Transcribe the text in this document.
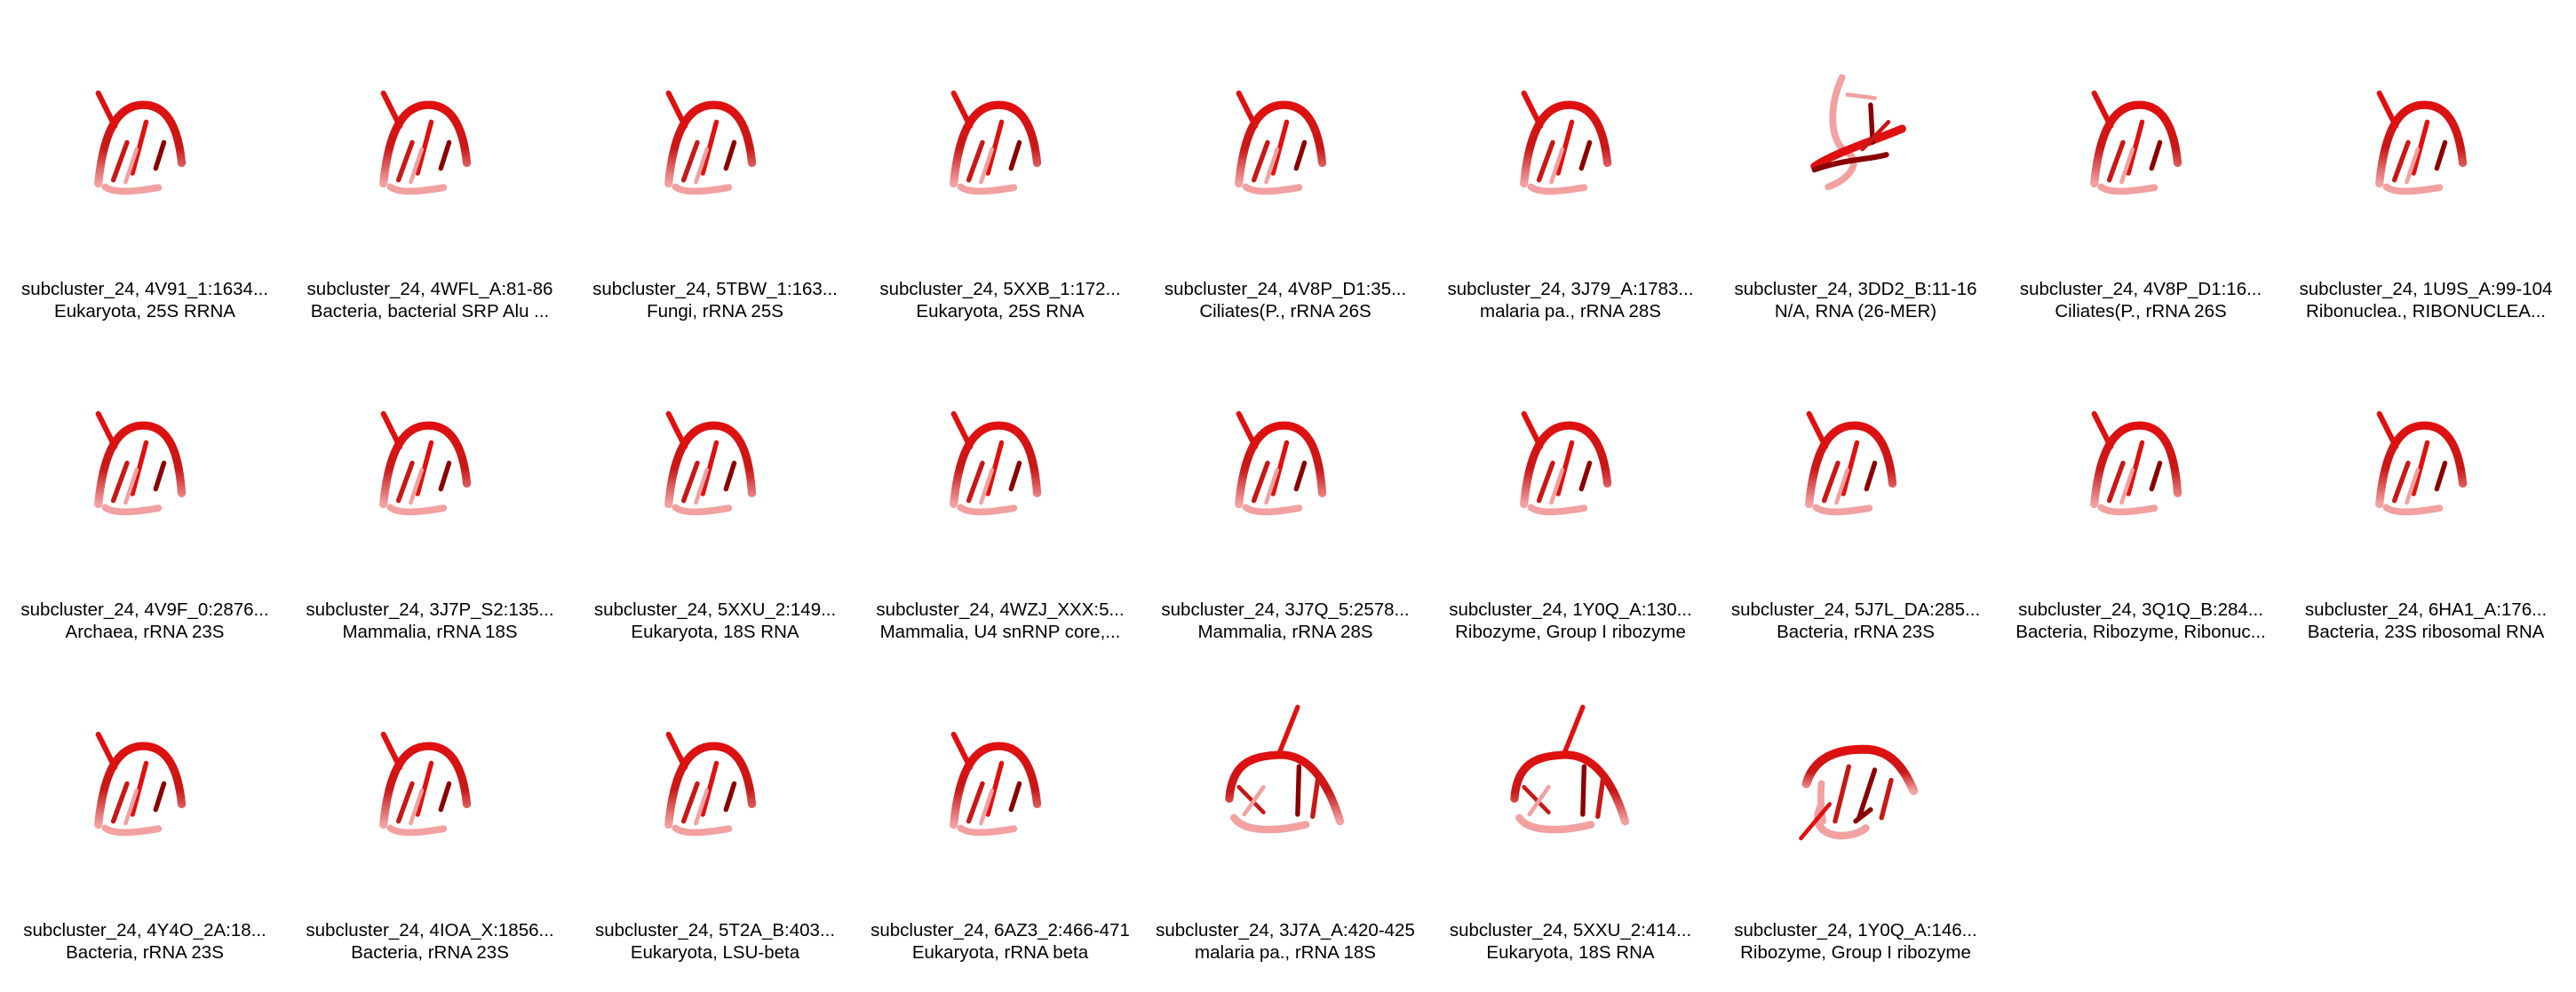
subcluster_24, 4V91_1:1634...
Eukaryota, 25S RRNA
subcluster_24, 4WFL_A:81-86
Bacteria, bacterial SRP Alu ...
subcluster_24, 5TBW_1:163...
Fungi, rRNA 25S
subcluster_24, 5XXB_1:172...
Eukaryota, 25S RNA
subcluster_24, 4V8P_D1:35...
Ciliates(P., rRNA 26S
subcluster_24, 3J79_A:1783...
malaria pa., rRNA 28S
subcluster_24, 3DD2_B:11-16
N/A, RNA (26-MER)
subcluster_24, 4V8P_D1:16...
Ciliates(P., rRNA 26S
subcluster_24, 1U9S_A:99-104
Ribonuclea., RIBONUCLEA...
subcluster_24, 4V9F_0:2876...
Archaea, rRNA 23S
subcluster_24, 3J7P_S2:135...
Mammalia, rRNA 18S
subcluster_24, 5XXU_2:149...
Eukaryota, 18S RNA
subcluster_24, 4WZJ_XXX:5...
Mammalia, U4 snRNP core,...
subcluster_24, 3J7Q_5:2578...
Mammalia, rRNA 28S
subcluster_24, 1Y0Q_A:130...
Ribozyme, Group I ribozyme
subcluster_24, 5J7L_DA:285...
Bacteria, rRNA 23S
subcluster_24, 3Q1Q_B:284...
Bacteria, Ribozyme, Ribonuc...
subcluster_24, 6HA1_A:176...
Bacteria, 23S ribosomal RNA
subcluster_24, 4Y4O_2A:18...
Bacteria, rRNA 23S
subcluster_24, 4IOA_X:1856...
Bacteria, rRNA 23S
subcluster_24, 5T2A_B:403...
Eukaryota, LSU-beta
subcluster_24, 6AZ3_2:466-471
Eukaryota, rRNA beta
subcluster_24, 3J7A_A:420-425
malaria pa., rRNA 18S
subcluster_24, 5XXU_2:414...
Eukaryota, 18S RNA
subcluster_24, 1Y0Q_A:146...
Ribozyme, Group I ribozyme
